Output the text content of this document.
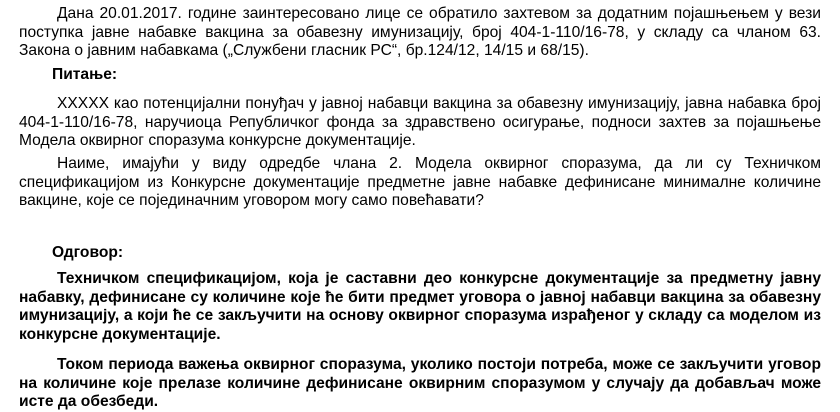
Дана 20.01.2017. године заинтересовано лице се обратило захтевом за додатним појашњењем у вези поступка јавне набавке вакцина за обавезну имунизацију, број 404-1-110/16-78, у складу са чланом 63. Закона о јавним набавкама („Службени гласник РС“, бр.124/12, 14/15 и 68/15).

Питање:

XXXXX као потенцијални понуђач у јавној набавци вакцина за обавезну имунизацију, јавна набавка број 404-1-110/16-78, наручиоца Републичког фонда за здравствено осигурање, подноси захтев за појашњење Модела оквирног споразума конкурсне документације.

Наиме, имајући у виду одредбе члана 2. Модела оквирног споразума, да ли су Техничком спецификацијом из Конкурсне документације предметне јавне набавке дефинисане минималне количине вакцине, које се појединачним уговором могу само повећавати?

Одговор:

Техничком спецификацијом, која је саставни део конкурсне документације за предметну јавну набавку, дефинисане су количине које ће бити предмет уговора о јавној набавци вакцина за обавезну имунизацију, а који ће се закључити на основу оквирног споразума израђеног у складу са моделом из конкурсне документације.

Током периода важења оквирног споразума, уколико постоји потреба, може се закључити уговор на количине које прелазе количине дефинисане оквирним споразумом у случају да добављач може исте да обезбеди.
